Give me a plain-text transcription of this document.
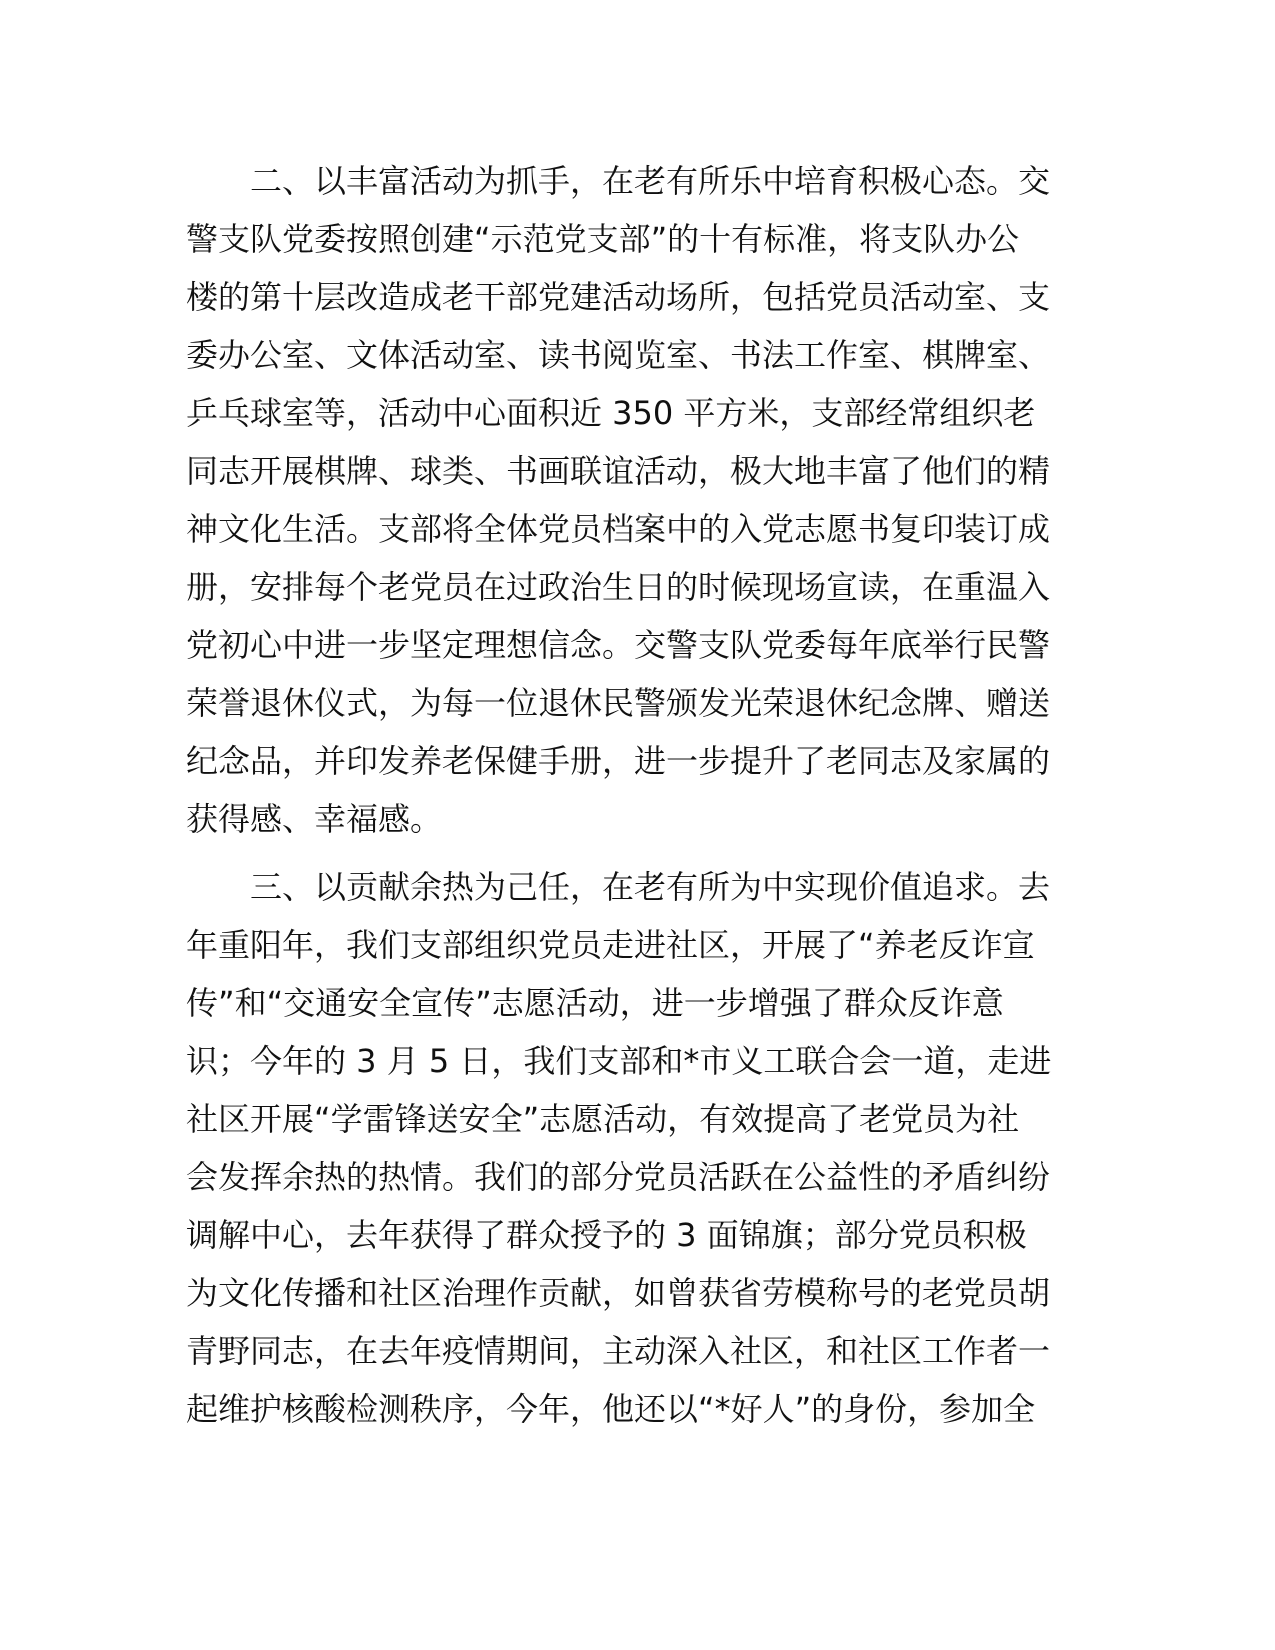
二、以丰富活动为抓手，在老有所乐中培育积极心态。交
警支队党委按照创建“示范党支部”的十有标准，将支队办公
楼的第十层改造成老干部党建活动场所，包括党员活动室、支
委办公室、文体活动室、读书阅览室、书法工作室、棋牌室、
乒乓球室等，活动中心面积近 350 平方米，支部经常组织老
同志开展棋牌、球类、书画联谊活动，极大地丰富了他们的精
神文化生活。支部将全体党员档案中的入党志愿书复印装订成
册，安排每个老党员在过政治生日的时候现场宣读，在重温入
党初心中进一步坚定理想信念。交警支队党委每年底举行民警
荣誉退休仪式，为每一位退休民警颁发光荣退休纪念牌、赠送
纪念品，并印发养老保健手册，进一步提升了老同志及家属的
获得感、幸福感。
三、以贡献余热为己任，在老有所为中实现价值追求。去
年重阳年，我们支部组织党员走进社区，开展了“养老反诈宣
传”和“交通安全宣传”志愿活动，进一步增强了群众反诈意
识；今年的 3 月 5 日，我们支部和*市义工联合会一道，走进
社区开展“学雷锋送安全”志愿活动，有效提高了老党员为社
会发挥余热的热情。我们的部分党员活跃在公益性的矛盾纠纷
调解中心，去年获得了群众授予的 3 面锦旗；部分党员积极
为文化传播和社区治理作贡献，如曾获省劳模称号的老党员胡
青野同志，在去年疫情期间，主动深入社区，和社区工作者一
起维护核酸检测秩序，今年，他还以“*好人”的身份，参加全
